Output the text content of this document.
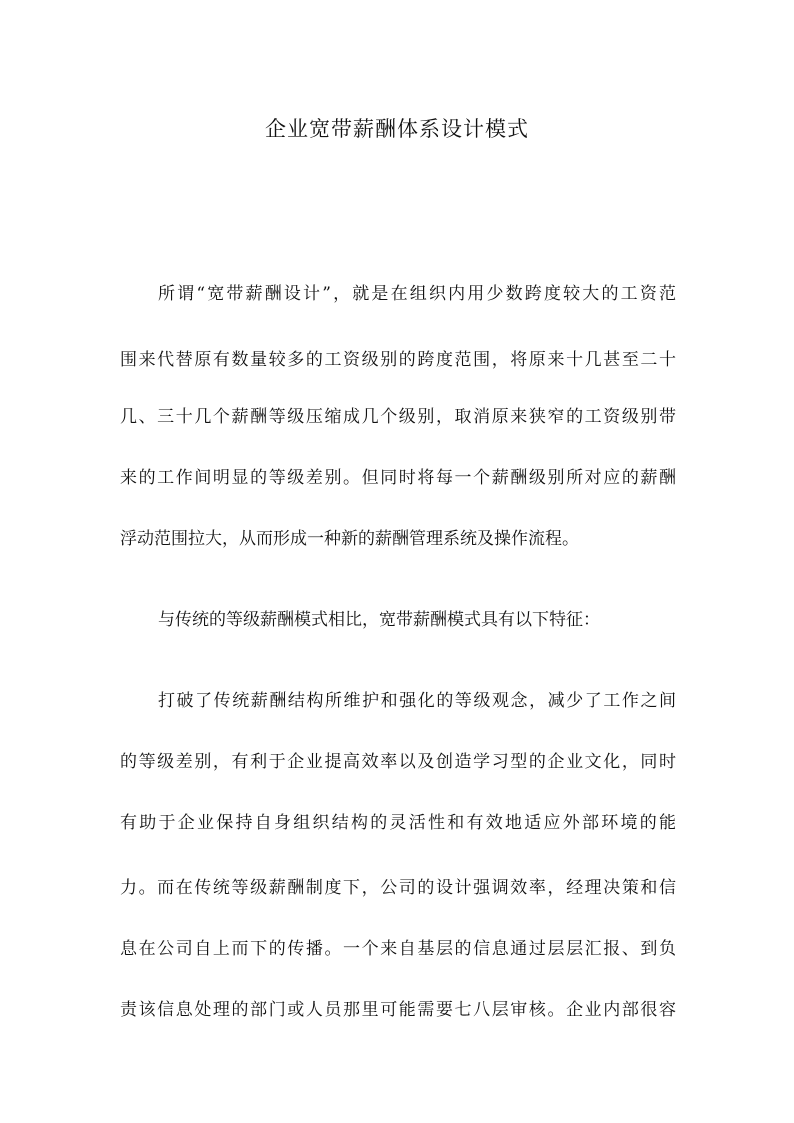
企业宽带薪酬体系设计模式
所谓“宽带薪酬设计”，就是在组织内用少数跨度较大的工资范
围来代替原有数量较多的工资级别的跨度范围，将原来十几甚至二十
几、三十几个薪酬等级压缩成几个级别，取消原来狭窄的工资级别带
来的工作间明显的等级差别。但同时将每一个薪酬级别所对应的薪酬
浮动范围拉大，从而形成一种新的薪酬管理系统及操作流程。
与传统的等级薪酬模式相比，宽带薪酬模式具有以下特征：
打破了传统薪酬结构所维护和强化的等级观念，减少了工作之间
的等级差别，有利于企业提高效率以及创造学习型的企业文化，同时
有助于企业保持自身组织结构的灵活性和有效地适应外部环境的能
力。而在传统等级薪酬制度下，公司的设计强调效率，经理决策和信
息在公司自上而下的传播。一个来自基层的信息通过层层汇报、到负
责该信息处理的部门或人员那里可能需要七八层审核。企业内部很容
